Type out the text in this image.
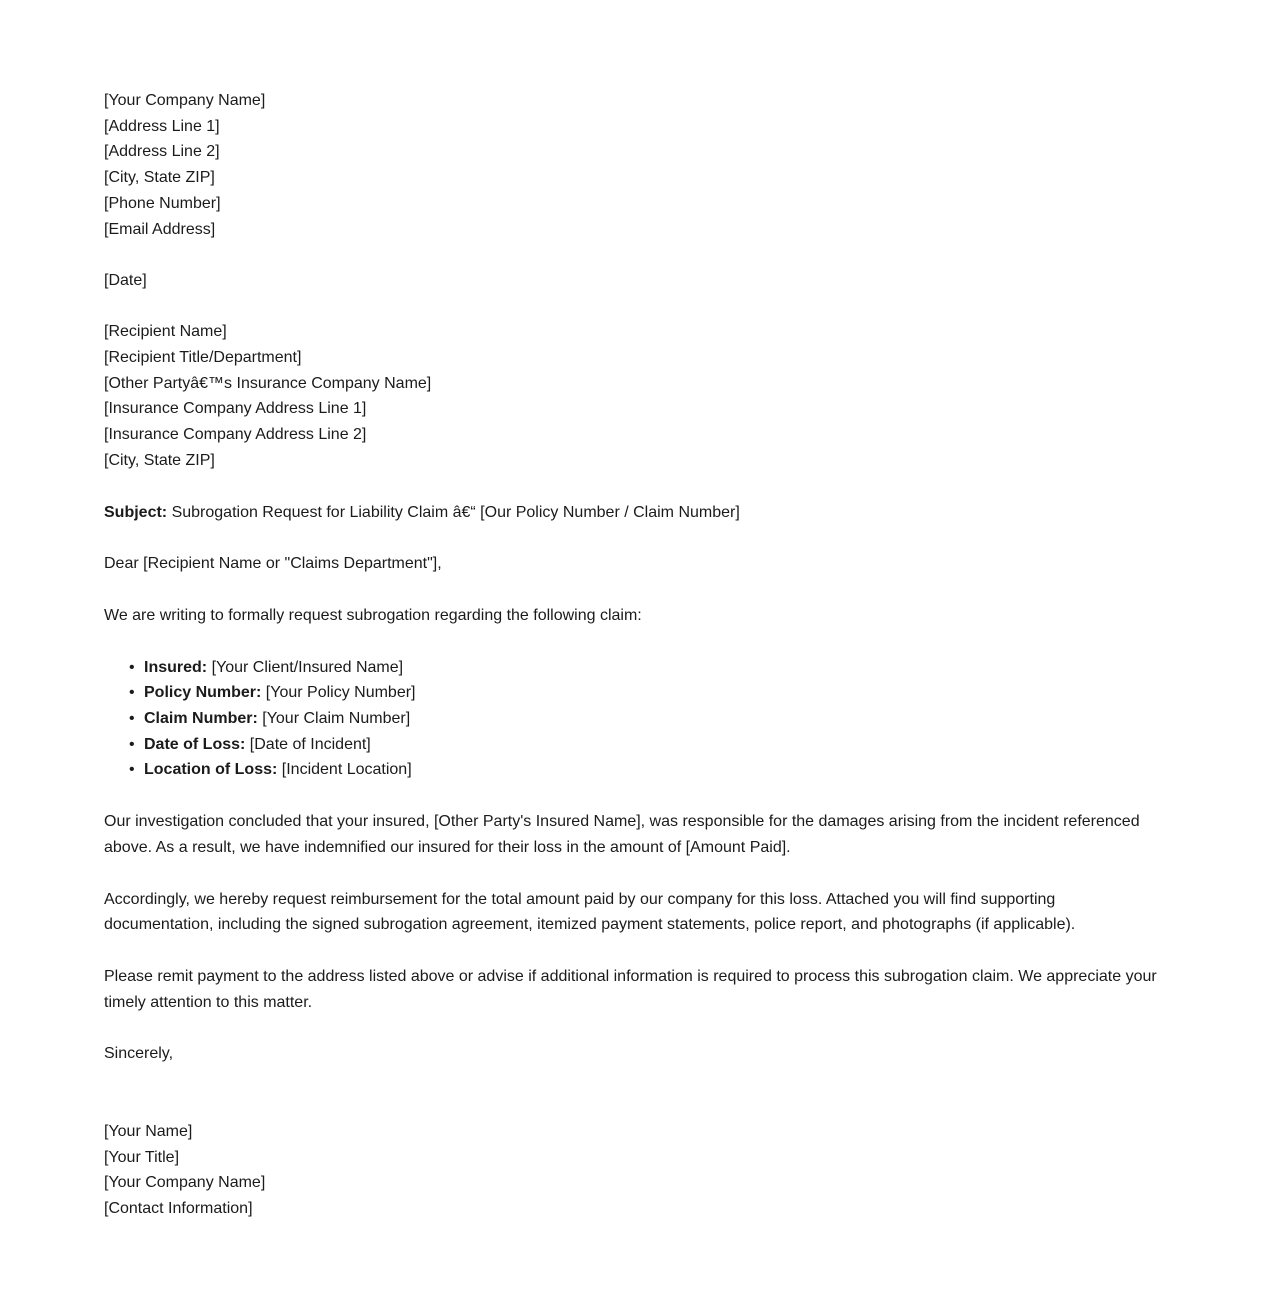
[Your Company Name]
[Address Line 1]
[Address Line 2]
[City, State ZIP]
[Phone Number]
[Email Address]
[Date]
[Recipient Name]
[Recipient Title/Department]
[Other Partyâ€™s Insurance Company Name]
[Insurance Company Address Line 1]
[Insurance Company Address Line 2]
[City, State ZIP]

Subject: Subrogation Request for Liability Claim â€“ [Our Policy Number / Claim Number]

Dear [Recipient Name or "Claims Department"],

We are writing to formally request subrogation regarding the following claim:

• Insured: [Your Client/Insured Name]
• Policy Number: [Your Policy Number]
• Claim Number: [Your Claim Number]
• Date of Loss: [Date of Incident]
• Location of Loss: [Incident Location]

Our investigation concluded that your insured, [Other Party's Insured Name], was responsible for the damages arising from the incident referenced above. As a result, we have indemnified our insured for their loss in the amount of [Amount Paid].

Accordingly, we hereby request reimbursement for the total amount paid by our company for this loss. Attached you will find supporting documentation, including the signed subrogation agreement, itemized payment statements, police report, and photographs (if applicable).

Please remit payment to the address listed above or advise if additional information is required to process this subrogation claim. We appreciate your timely attention to this matter.

Sincerely,

[Your Name]
[Your Title]
[Your Company Name]
[Contact Information]
